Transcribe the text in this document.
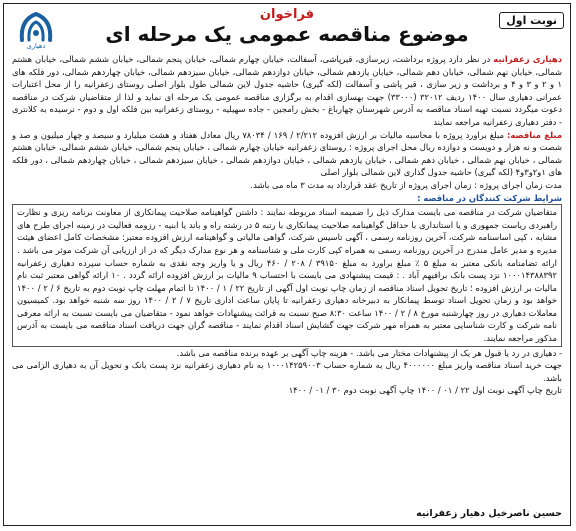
نوبت اول
فراخوان
موضوع مناقصه عمومی یک مرحله ای
دهیاری

دهیاری زعفرانیه در نظر دارد پروژه برداشت، زیرسازی، قیرپاشی، آسفالت، خیابان چهارم شمالی، خیابان پنجم شمالی، خیابان ششم شمالی، خیابان هشتم شمالی، خیابان نهم شمالی، خیابان دهم شمالی، خیابان یازدهم شمالی، خیابان دوازدهم شمالی، خیابان سیزدهم شمالی، خیابان چهاردهم شمالی، دور فلکه های ۱ و ۲ و ۳ و ۴ و برداشت و زیر سازی ، قیر پاشی و آسفالت (لکه گیری) حاشیه جدول لاین شمالی طول بلوار اصلی روستای زعفرانیه را از محل اعتبارات عمرانی دهیاری سال ۱۴۰۰ ردیف ۳۲۰۱۲ (۳۳۰۰۰) جهت بهسازی اقدام به برگزاری مناقصه عمومی یک مرحله ای نماید و لذا از متقاضیان شرکت در مناقصه دعوت میگردد نسبت تهیه اسناد مناقصه به آدرس شهرستان چهارباغ - بخش رامجین - جاده سهیلیه - روستای زعفرانیه بین فلکه اول و دوم - نرسیده به کلانتری - دفتر دهیاری زعفرانیه مراجعه نمایند

مبلغ مناقصه: مبلغ براورد پروژه با محاسبه مالیات بر ارزش افزوده ۲/۲۱۲ / ۱۶۹ / ۷۸۰۳۴ ریال معادل هفتاد و هشت میلیارد و سیصد و چهار میلیون و صد و شصت و نه هزار و دویست و دوازده ریال محل اجرای پروژه : روستای زعفرانیه خیابان چهارم شمالی ، خیابان پنجم شمالی، خیابان ششم شمالی، خیابان هشتم شمالی ، خیابان نهم شمالی ، خیابان دهم شمالی ، خیابان یازدهم شمالی ، خیابان دوازدهم شمالی ، خیابان سیزدهم شمالی ، خیابان چهاردهم شمالی ، دور فلکه های ۱و۲و۳و۴ (لکه گیری) حاشیه جدول گذاری لاین شمالی بلوار اصلی

مدت زمان اجرای پروژه : زمان اجرای پروژه از تاریخ عقد قرارداد به مدت ۳ ماه می باشد.

شرایط شرکت کنندگان در مناقصه :

متقاضیان شرکت در مناقصه می بایست مدارک ذیل را ضمیمه اسناد مربوطه نمایند : داشتن گواهینامه صلاحیت پیمانکاری از معاونت برنامه ریزی و نظارت راهبردی ریاست جمهوری و یا استانداری با حداقل گواهینامه صلاحیت پیمانکاری با رتبه ۵ در رشته راه و باند یا ابنیه - رزومه فعالیت در زمینه اجرای طرح های مشابه ، کپی اساسنامه شرکت، آخرین روزنامه رسمی ، آگهی تاسیس شرکت، گواهی مالیاتی و گواهینامه ارزش افزوده معتبر: مشخصات کامل اعضای هیئت مدیره و مدیر عامل مندرج در آخرین روزنامه رسمی به همراه کپی کارت ملی و شناسنامه و هر نوع مدارک دیگر که در از ارزیابی آن شرکت موثر می باشد . ارائه تضامنامه بانکی معتبر به مبلغ ۵ ٪ مبلغ براورد به مبلغ ۳۹۱۵۰ / ۲۰۸ / ۴۶۰ ریال و یا واریز وجه نقدی به شماره حساب سپرده دهیاری زعفرانیه ۱۰۰۰۱۴۳۸۸۳۹۲ نزد پست بانک برافیهم آباد . : قیمت پیشنهادی می بایست با احتساب ۹ مالیات بر ارزش افزوده ارائه گردد . ۱۰ ارائه گواهی معتبر ثبت نام مالیات بر ارزش افزوده ؛ تاریخ تحویل اسناد مناقصه از زمان چاپ نوبت اول آگهی از تاریخ ۲۲ / ۱ / ۱۴۰۰ تا اتمام مهلت چاپ نوبت دوم به تاریخ ۶ / ۲ / ۱۴۰۰ خواهد بود و زمان تحویل اسناد توسط پیمانکار به دبیرخانه دهیاری زعفرانیه تا پایان ساعت اداری تاریخ ۷ / ۲ / ۱۴۰۰ روز سه شنبه خواهد بود. کمیسیون معاملات دهیاری در روز چهارشنبه مورخ ۸ / ۲ / ۱۴۰۰ ساعت ۸:۳۰ صبح نسبت به قرائت پیشنهادات خواهد نمود - متقاضیان می بایست نسبت به ارائه معرفی نامه شرکت و کارت شناسایی معتبر به همراه مهر شرکت جهت گشایش اسناد اقدام نمایند - مناقصه گران جهت دریافت اسناد مناقصه می بایست به آدرس مذکور مراجعه نمایند.

- دهیاری در رد یا قبول هر یک از پیشنهادات مختار می باشد. - هزینه چاپ آگهی بر عهده برنده مناقصه می باشد.

جهت خرید اسناد مناقصه واریز مبلغ ۴۰۰۰۰۰۰ ریال به شماره حساب ۱۰۰۰۱۴۲۵۹۰۰۳ به نام دهیاری زعفرانیه نزد پست بانک و تحویل آن به دهیاری الزامی می باشد.

تاریخ چاپ آگهی نوبت اول ۲۲ / ۰۱ / ۱۴۰۰ چاپ آگهی نوبت دوم ۳۰ / ۰۱ / ۱۴۰۰

حسین ناصرخیل دهیار زعفرانیه
